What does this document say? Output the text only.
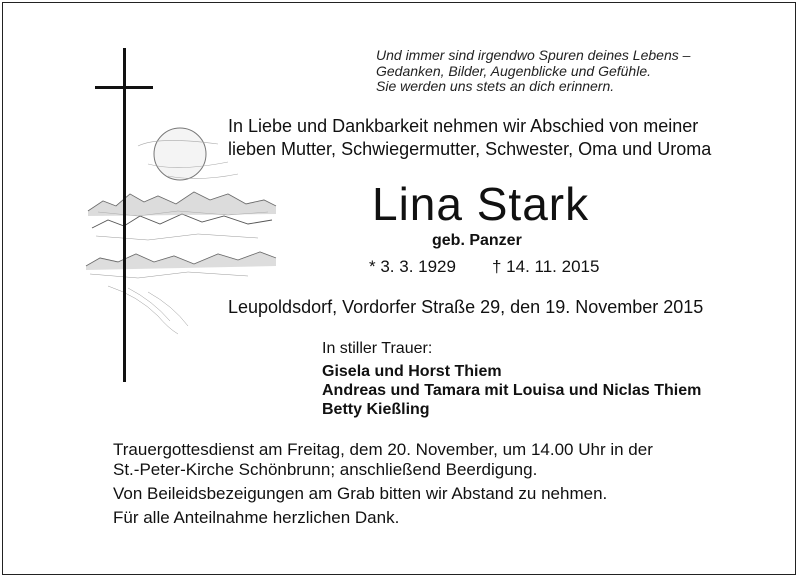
Und immer sind irgendwo Spuren deines Lebens –
Gedanken, Bilder, Augenblicke und Gefühle.
Sie werden uns stets an dich erinnern.
In Liebe und Dankbarkeit nehmen wir Abschied von meiner
lieben Mutter, Schwiegermutter, Schwester, Oma und Uroma
Lina Stark
geb. Panzer
* 3. 3. 1929 † 14. 11. 2015
Leupoldsdorf, Vordorfer Straße 29, den 19. November 2015
In stiller Trauer:
Gisela und Horst Thiem
Andreas und Tamara mit Louisa und Niclas Thiem
Betty Kießling
Trauergottesdienst am Freitag, dem 20. November, um 14.00 Uhr in der
St.-Peter-Kirche Schönbrunn; anschließend Beerdigung.
Von Beileidsbezeigungen am Grab bitten wir Abstand zu nehmen.
Für alle Anteilnahme herzlichen Dank.
